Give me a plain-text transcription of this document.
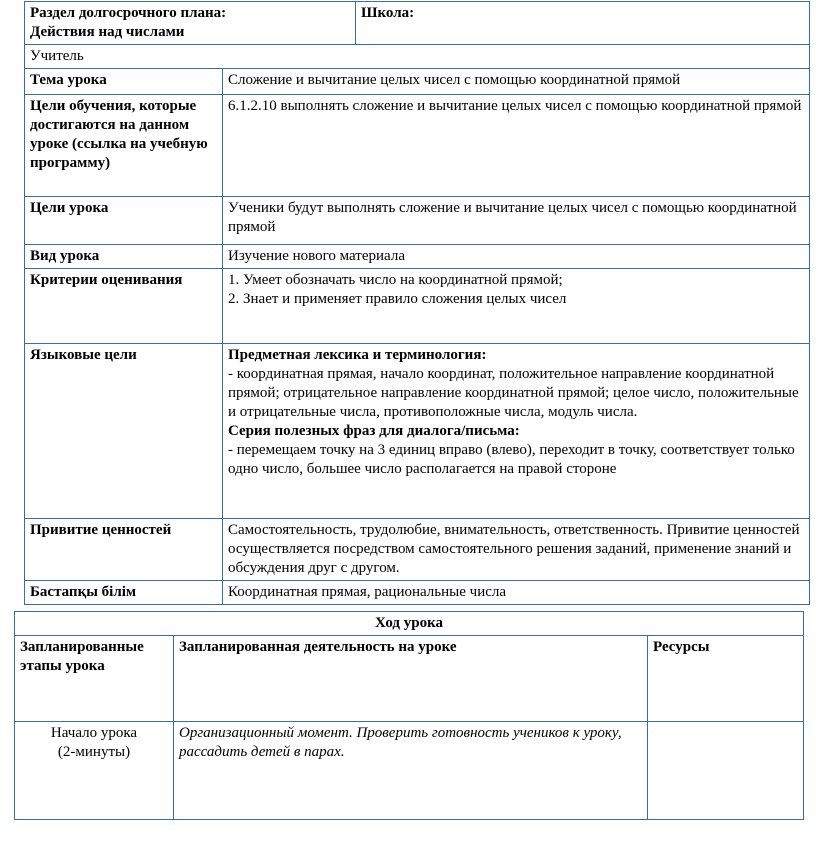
Раздел долгосрочного плана:
Действия над числами		Школа:
Учитель		
Тема урока	Сложение и вычитание целых чисел с помощью координатной прямой	
Цели обучения, которые достигаются на данном уроке (ссылка на учебную программу)	6.1.2.10 выполнять сложение и вычитание целых чисел с помощью координатной прямой	
Цели урока	Ученики будут выполнять сложение и вычитание целых чисел с помощью координатной прямой	
Вид урока	Изучение нового материала	
Критерии оценивания	1. Умеет обозначать число на координатной прямой;
2. Знает и применяет правило сложения целых чисел	

Языковые цели	Предметная лексика и терминология:
- координатная прямая, начало координат, положительное направление координатной прямой; отрицательное направление координатной прямой; целое число, положительные и отрицательные числа, противоположные числа, модуль числа.
Серия полезных фраз для диалога/письма:
- перемещаем точку на 3 единиц вправо (влево), переходит в точку, соответствует только одно число, большее число располагается на правой стороне	

Привитие ценностей	Самостоятельность, трудолюбие, внимательность, ответственность. Привитие ценностей осуществляется посредством самостоятельного решения заданий, применение знаний и обсуждения друг с другом.	
Бастапқы білім	Координатная прямая, рациональные числа	
Ход урока		
Запланированные этапы урока	Запланированная деятельность на уроке	Ресурсы

Начало урока
(2-минуты)	Организационный момент. Проверить готовность учеников к уроку, рассадить детей в парах.	
